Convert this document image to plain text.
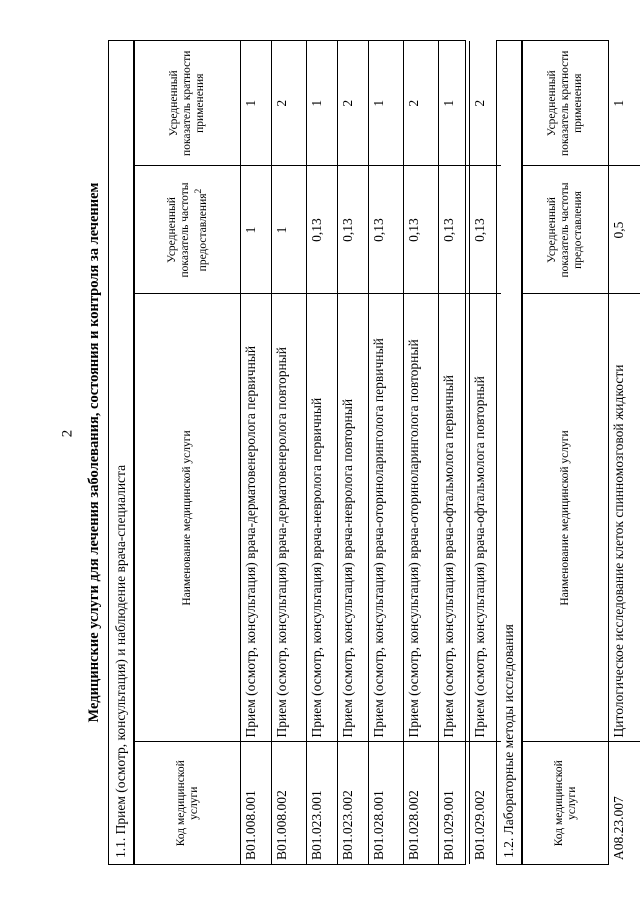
2 Медицинские услуги для лечения заболевания, состояния и контроля за лечением 1.1. Прием (осмотр, консультация) и наблюдение врача-специалиста	Код медицинской услуги	Наименование медицинской услуги	Усредненный показатель частоты предоставления$^2$	Усредненный показатель кратности применения
B01.008.001	Прием (осмотр, консультация) врача-дерматовенеролога первичный	1	1
B01.008.002	Прием (осмотр, консультация) врача-дерматовенеролога повторный	1	2
B01.023.001	Прием (осмотр, консультация) врача-невролога первичный	0,13	1
B01.023.002	Прием (осмотр, консультация) врача-невролога повторный	0,13	2
B01.028.001	Прием (осмотр, консультация) врача-оториноларинголога первичный	0,13	1
B01.028.002	Прием (осмотр, консультация) врача-оториноларинголога повторный	0,13	2
B01.029.001	Прием (осмотр, консультация) врача-офтальмолога первичный	0,13	1
B01.029.002	Прием (осмотр, консультация) врача-офтальмолога повторный	0,13	2
1.2. Лабораторные методы исследования	Код медицинской услуги	Наименование медицинской услуги	Усредненный показатель частоты предоставления	Усредненный показатель кратности применения
A08.23.007	Цитологическое исследование клеток спинномозговой жидкости	0,5	1
